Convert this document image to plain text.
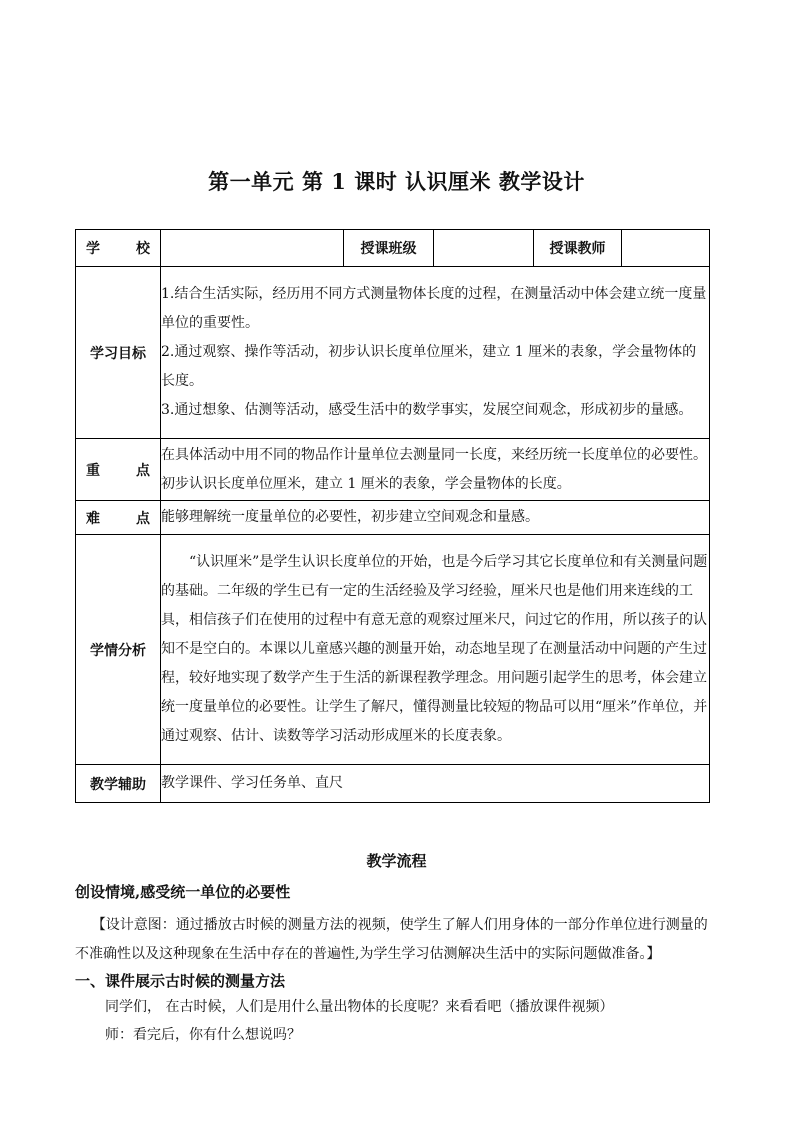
第一单元 第 1 课时 认识厘米 教学设计
学 校		授课班级		授课教师	
学习目标	1.结合生活实际，经历用不同方式测量物体长度的过程，在测量活动中体会建立统一度量单位的重要性。

2.通过观察、操作等活动，初步认识长度单位厘米，建立 1 厘米的表象，学会量物体的长度。

3.通过想象、估测等活动，感受生活中的数学事实，发展空间观念，形成初步的量感。				

重 点	在具体活动中用不同的物品作计量单位去测量同一长度，来经历统一长度单位的必要性。初步认识长度单位厘米，建立 1 厘米的表象，学会量物体的长度。				
难 点	能够理解统一度量单位的必要性，初步建立空间观念和量感。				
学情分析	“认识厘米”是学生认识长度单位的开始，也是今后学习其它长度单位和有关测量问题的基础。二年级的学生已有一定的生活经验及学习经验，厘米尺也是他们用来连线的工具，相信孩子们在使用的过程中有意无意的观察过厘米尺，问过它的作用，所以孩子的认知不是空白的。本课以儿童感兴趣的测量开始，动态地呈现了在测量活动中问题的产生过程，较好地实现了数学产生于生活的新课程教学理念。用问题引起学生的思考，体会建立统一度量单位的必要性。让学生了解尺，懂得测量比较短的物品可以用“厘米”作单位，并通过观察、估计、读数等学习活动形成厘米的长度表象。				
教学辅助	教学课件、学习任务单、直尺				
教学流程
创设情境,感受统一单位的必要性
【设计意图：通过播放古时候的测量方法的视频，使学生了解人们用身体的一部分作单位进行测量的不准确性以及这种现象在生活中存在的普遍性,为学生学习估测解决生活中的实际问题做准备。】
一、课件展示古时候的测量方法
同学们， 在古时候，人们是用什么量出物体的长度呢？来看看吧（播放课件视频）
师：看完后，你有什么想说吗？
